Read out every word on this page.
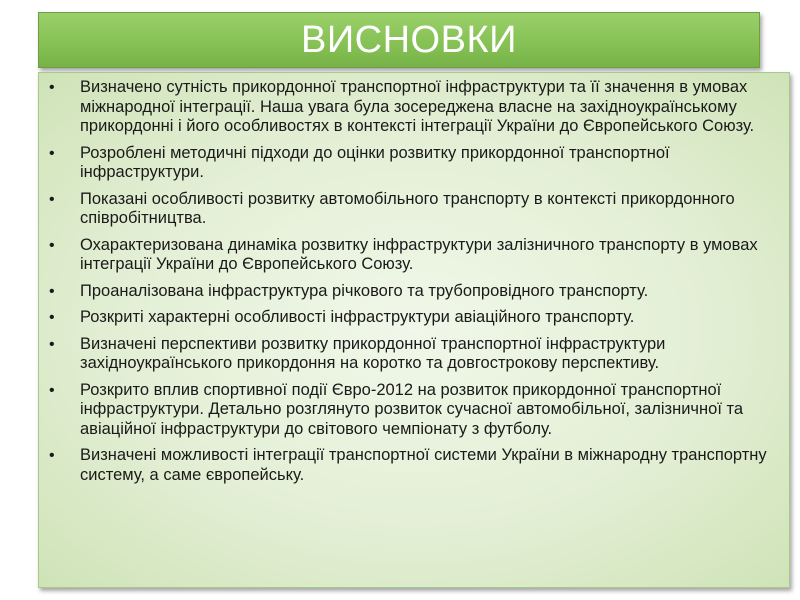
ВИСНОВКИ
• Визначено сутність прикордонної транспортної інфраструктури та її значення в умовах міжнародної інтеграції. Наша увага була зосереджена власне на західноукраїнському прикордонні і його особливостях в контексті інтеграції України до Європейського Союзу.
• Розроблені методичні підходи до оцінки розвитку прикордонної транспортної інфраструктури.
• Показані особливості розвитку автомобільного транспорту в контексті прикордонного співробітництва.
• Охарактеризована динаміка розвитку інфраструктури залізничного транспорту в умовах інтеграції України до Європейського Союзу.
• Проаналізована інфраструктура річкового та трубопровідного транспорту.
• Розкриті характерні особливості інфраструктури авіаційного транспорту.
• Визначені перспективи розвитку прикордонної транспортної інфраструктури західноукраїнського прикордоння на коротко та довгострокову перспективу.
• Розкрито вплив спортивної події Євро-2012 на розвиток прикордонної транспортної інфраструктури. Детально розглянуто розвиток сучасної автомобільної, залізничної та авіаційної інфраструктури до світового чемпіонату з футболу.
• Визначені можливості інтеграції транспортної системи України в міжнародну транспортну систему, а саме європейську.
